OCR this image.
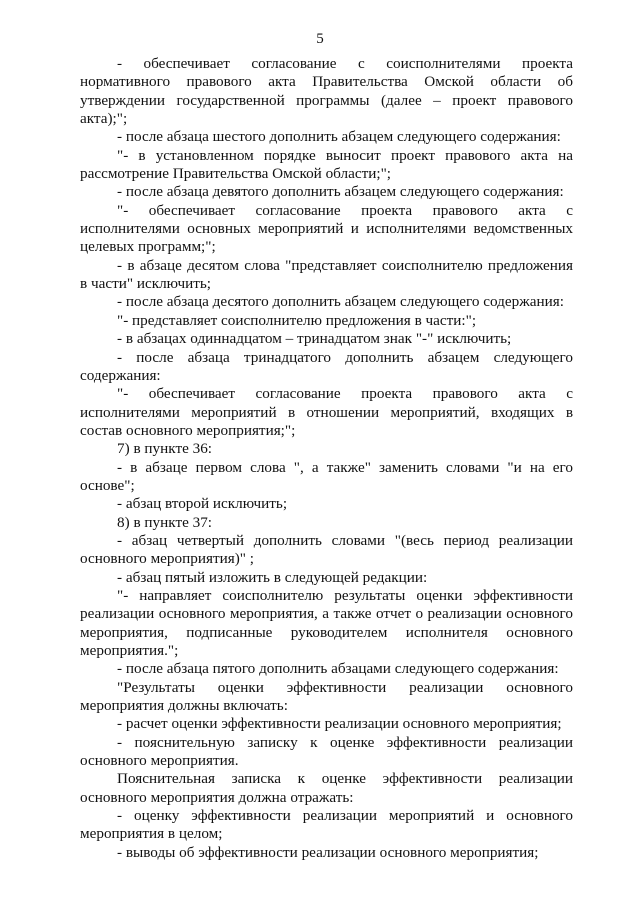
5

- обеспечивает согласование с соисполнителями проекта нормативного правового акта Правительства Омской области об утверждении государственной программы (далее – проект правового акта);";

- после абзаца шестого дополнить абзацем следующего содержания:

"- в установленном порядке выносит проект правового акта на рассмотрение Правительства Омской области;";

- после абзаца девятого дополнить абзацем следующего содержания:

"- обеспечивает согласование проекта правового акта с исполнителями основных мероприятий и исполнителями ведомственных целевых программ;";

- в абзаце десятом слова "представляет соисполнителю предложения в части" исключить;

- после абзаца десятого дополнить абзацем следующего содержания:

"- представляет соисполнителю предложения в части:";

- в абзацах одиннадцатом – тринадцатом знак "-" исключить;

- после абзаца тринадцатого дополнить абзацем следующего содержания:

"- обеспечивает согласование проекта правового акта с исполнителями мероприятий в отношении мероприятий, входящих в состав основного мероприятия;";

7) в пункте 36:

- в абзаце первом слова ", а также" заменить словами "и на его основе";

- абзац второй исключить;

8) в пункте 37:

- абзац четвертый дополнить словами "(весь период реализации основного мероприятия)" ;

- абзац пятый изложить в следующей редакции:

"- направляет соисполнителю результаты оценки эффективности реализации основного мероприятия, а также отчет о реализации основного мероприятия, подписанные руководителем исполнителя основного мероприятия.";

- после абзаца пятого дополнить абзацами следующего содержания:

"Результаты оценки эффективности реализации основного мероприятия должны включать:

- расчет оценки эффективности реализации основного мероприятия;

- пояснительную записку к оценке эффективности реализации основного мероприятия.

Пояснительная записка к оценке эффективности реализации основного мероприятия должна отражать:

- оценку эффективности реализации мероприятий и основного мероприятия в целом;

- выводы об эффективности реализации основного мероприятия;
